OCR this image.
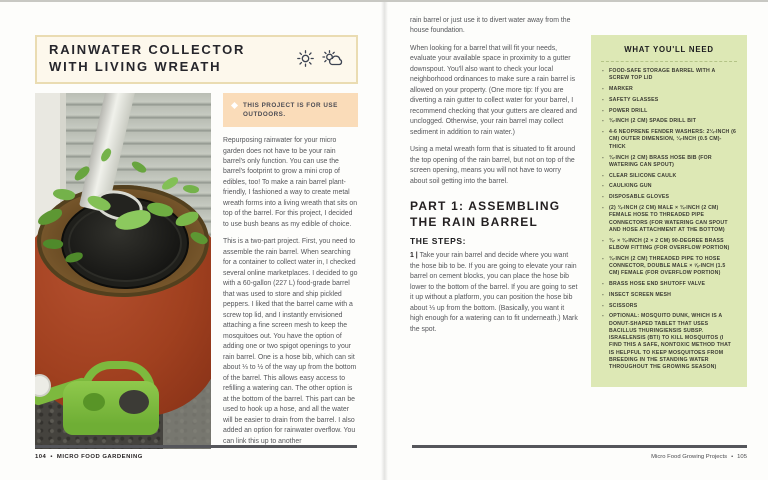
RAINWATER COLLECTOR
WITH LIVING WREATH
THIS PROJECT IS FOR USE OUTDOORS.

Repurposing rainwater for your micro garden does not have to be your rain barrel's only function. You can use the barrel's footprint to grow a mini crop of edibles, too! To make a rain barrel plant-friendly, I fashioned a way to create metal wreath forms into a living wreath that sits on top of the barrel. For this project, I decided to use bush beans as my edible of choice.

This is a two-part project. First, you need to assemble the rain barrel. When searching for a container to collect water in, I checked several online marketplaces. I decided to go with a 60-gallon (227 L) food-grade barrel that was used to store and ship pickled peppers. I liked that the barrel came with a screw top lid, and I instantly envisioned attaching a fine screen mesh to keep the mosquitoes out. You have the option of adding one or two spigot openings to your rain barrel. One is a hose bib, which can sit about ⅓ to ½ of the way up from the bottom of the barrel. This allows easy access to refilling a watering can. The other option is at the bottom of the barrel. This part can be used to hook up a hose, and all the water will be easier to drain from the barrel. I also added an option for rainwater overflow. You can link this up to another

104 • MICRO FOOD GARDENING

rain barrel or just use it to divert water away from the house foundation.

When looking for a barrel that will fit your needs, evaluate your available space in proximity to a gutter downspout. You'll also want to check your local neighborhood ordinances to make sure a rain barrel is allowed on your property. (One more tip: If you are diverting a rain gutter to collect water for your barrel, I recommend checking that your gutters are cleared and unclogged. Otherwise, your rain barrel may collect sediment in addition to rain water.)

Using a metal wreath form that is situated to fit around the top opening of the rain barrel, but not on top of the screen opening, means you will not have to worry about soil getting into the barrel.

PART 1: ASSEMBLING
THE RAIN BARREL
THE STEPS:

1 | Take your rain barrel and decide where you want the hose bib to be. If you are going to elevate your rain barrel on cement blocks, you can place the hose bib lower to the bottom of the barrel. If you are going to set it up without a platform, you can position the hose bib about ⅓ up from the bottom. (Basically, you want it high enough for a watering can to fit underneath.) Mark the spot.

WHAT YOU'LL NEED
- FOOD-SAFE STORAGE BARREL WITH A SCREW TOP LID
- MARKER
- SAFETY GLASSES
- POWER DRILL
- ¾-INCH (2 CM) SPADE DRILL BIT
- 4-6 NEOPRENE FENDER WASHERS: 2¼-INCH (6 CM) OUTER DIMENSION, ¼-INCH (0.5 CM)-THICK
- ¾-INCH (2 CM) BRASS HOSE BIB (FOR WATERING CAN SPOUT)
- CLEAR SILICONE CAULK
- CAULKING GUN
- DISPOSABLE GLOVES
- (2) ¾-INCH (2 CM) MALE × ¾-INCH (2 CM) FEMALE HOSE TO THREADED PIPE CONNECTORS (FOR WATERING CAN SPOUT AND HOSE ATTACHMENT AT THE BOTTOM)
- ¾- × ¾-INCH (2 × 2 CM) 90-DEGREE BRASS ELBOW FITTING (FOR OVERFLOW PORTION)
- ¾-INCH (2 CM) THREADED PIPE TO HOSE CONNECTOR, DOUBLE MALE × ⅝-INCH (1.5 CM) FEMALE (FOR OVERFLOW PORTION)
- BRASS HOSE END SHUTOFF VALVE
- INSECT SCREEN MESH
- SCISSORS
- OPTIONAL: MOSQUITO DUNK, WHICH IS A DONUT-SHAPED TABLET THAT USES BACILLUS THURINGIENSIS SUBSP. ISRAELENSIS (BTI) TO KILL MOSQUITOS (I FIND THIS A SAFE, NONTOXIC METHOD THAT IS HELPFUL TO KEEP MOSQUITOES FROM BREEDING IN THE STANDING WATER THROUGHOUT THE GROWING SEASON)
Micro Food Growing Projects • 105
